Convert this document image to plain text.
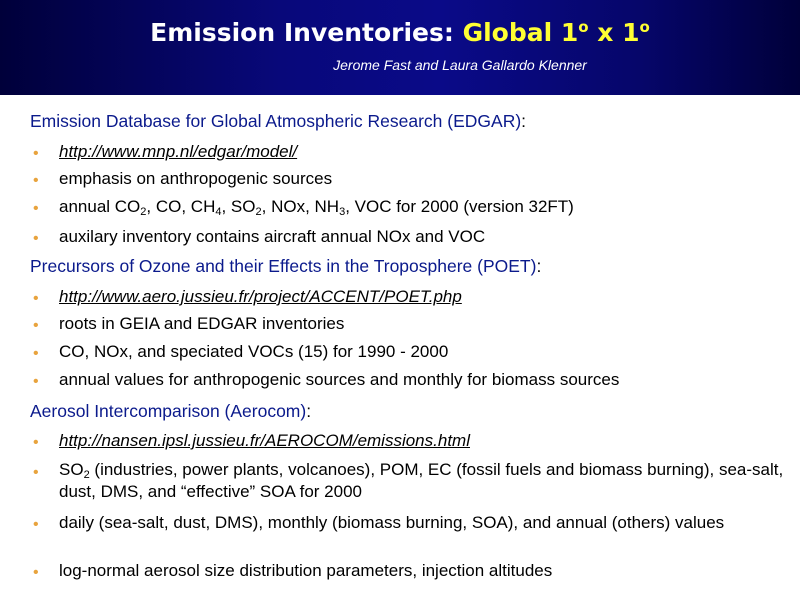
Emission Inventories: Global 1$^o$ x 1$^o$
Jerome Fast and Laura Gallardo Klenner
Emission Database for Global Atmospheric Research (EDGAR):
• http://www.mnp.nl/edgar/model/
• emphasis on anthropogenic sources
• annual $CO_2$, CO, $CH_4$, $SO_2$, NOx, $NH_3$, VOC for 2000 (version 32FT)
• auxilary inventory contains aircraft annual NOx and VOC
Precursors of Ozone and their Effects in the Troposphere (POET):
• http://www.aero.jussieu.fr/project/ACCENT/POET.php
• roots in GEIA and EDGAR inventories
• CO, NOx, and speciated VOCs (15) for 1990 - 2000
• annual values for anthropogenic sources and monthly for biomass sources
Aerosol Intercomparison (Aerocom):
• http://nansen.ipsl.jussieu.fr/AEROCOM/emissions.html
• $SO_2$ (industries, power plants, volcanoes), POM, EC (fossil fuels and biomass burning), sea-salt, dust, DMS, and “effective” SOA for 2000
• daily (sea-salt, dust, DMS), monthly (biomass burning, SOA), and annual (others) values
• log-normal aerosol size distribution parameters, injection altitudes
